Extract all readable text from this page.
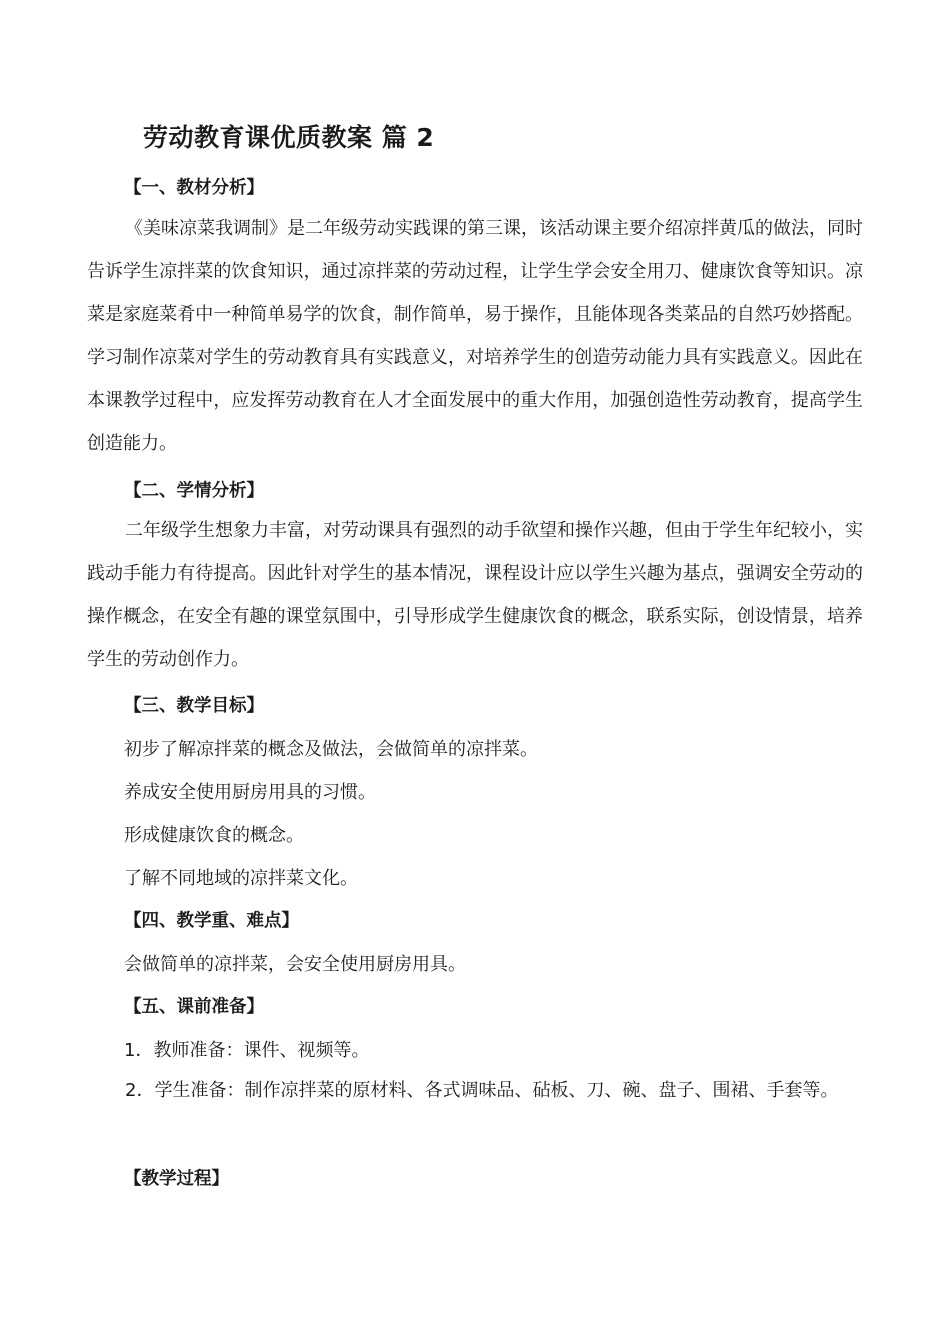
劳动教育课优质教案 篇 2
【一、教材分析】

《美味凉菜我调制》是二年级劳动实践课的第三课，该活动课主要介绍凉拌黄瓜的做法，同时告诉学生凉拌菜的饮食知识，通过凉拌菜的劳动过程，让学生学会安全用刀、健康饮食等知识。凉菜是家庭菜肴中一种简单易学的饮食，制作简单，易于操作，且能体现各类菜品的自然巧妙搭配。学习制作凉菜对学生的劳动教育具有实践意义，对培养学生的创造劳动能力具有实践意义。因此在本课教学过程中，应发挥劳动教育在人才全面发展中的重大作用，加强创造性劳动教育，提高学生创造能力。

【二、学情分析】

二年级学生想象力丰富，对劳动课具有强烈的动手欲望和操作兴趣，但由于学生年纪较小，实践动手能力有待提高。因此针对学生的基本情况，课程设计应以学生兴趣为基点，强调安全劳动的操作概念，在安全有趣的课堂氛围中，引导形成学生健康饮食的概念，联系实际，创设情景，培养学生的劳动创作力。

【三、教学目标】
初步了解凉拌菜的概念及做法，会做简单的凉拌菜。
养成安全使用厨房用具的习惯。
形成健康饮食的概念。
了解不同地域的凉拌菜文化。
【四、教学重、难点】
会做简单的凉拌菜，会安全使用厨房用具。
【五、课前准备】
1．教师准备：课件、视频等。

2．学生准备：制作凉拌菜的原材料、各式调味品、砧板、刀、碗、盘子、围裙、手套等。

【教学过程】
